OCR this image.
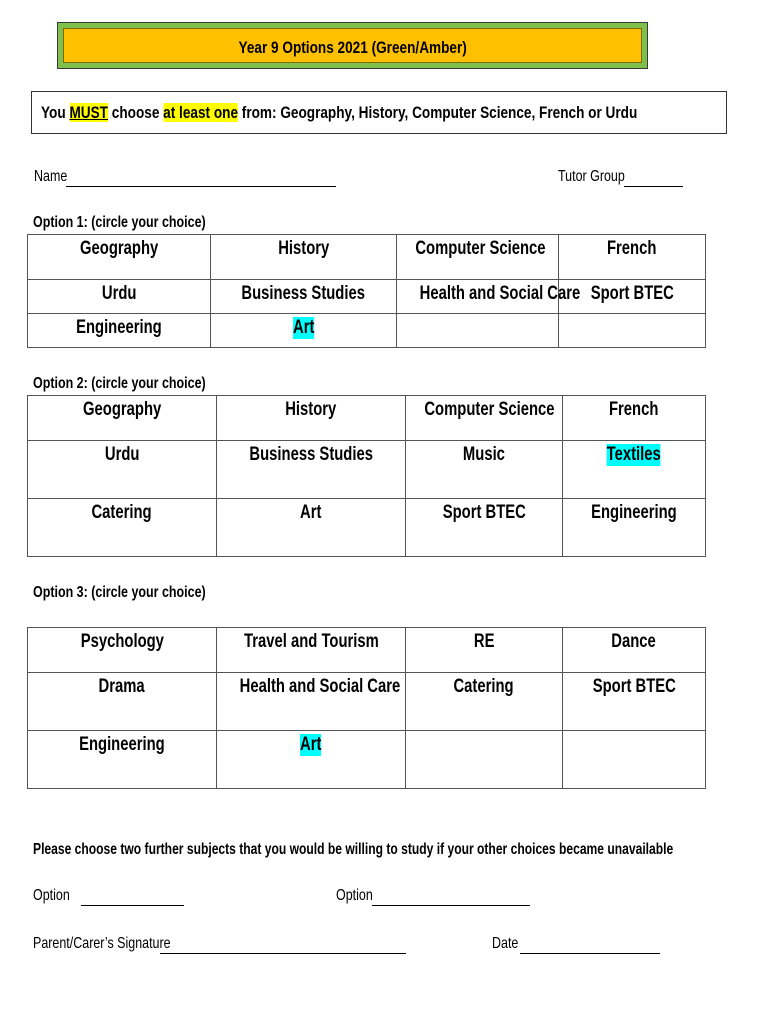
Year 9 Options 2021 (Green/Amber)
You MUST choose at least one from: Geography, History, Computer Science, French or Urdu
Name	Tutor Group
Option 1: (circle your choice)
Geography	History	Computer Science	French
Urdu	Business Studies	Health and Social Care	Sport BTEC
Engineering	Art		
Option 2: (circle your choice)
Geography	History	Computer Science	French
Urdu	Business Studies	Music	Textiles
Catering	Art	Sport BTEC	Engineering
Option 3: (circle your choice)
Psychology	Travel and Tourism	RE	Dance
Drama	Health and Social Care	Catering	Sport BTEC
Engineering	Art		
Please choose two further subjects that you would be willing to study if your other choices became unavailable
Option	Option
Parent/Carer’s Signature	Date
